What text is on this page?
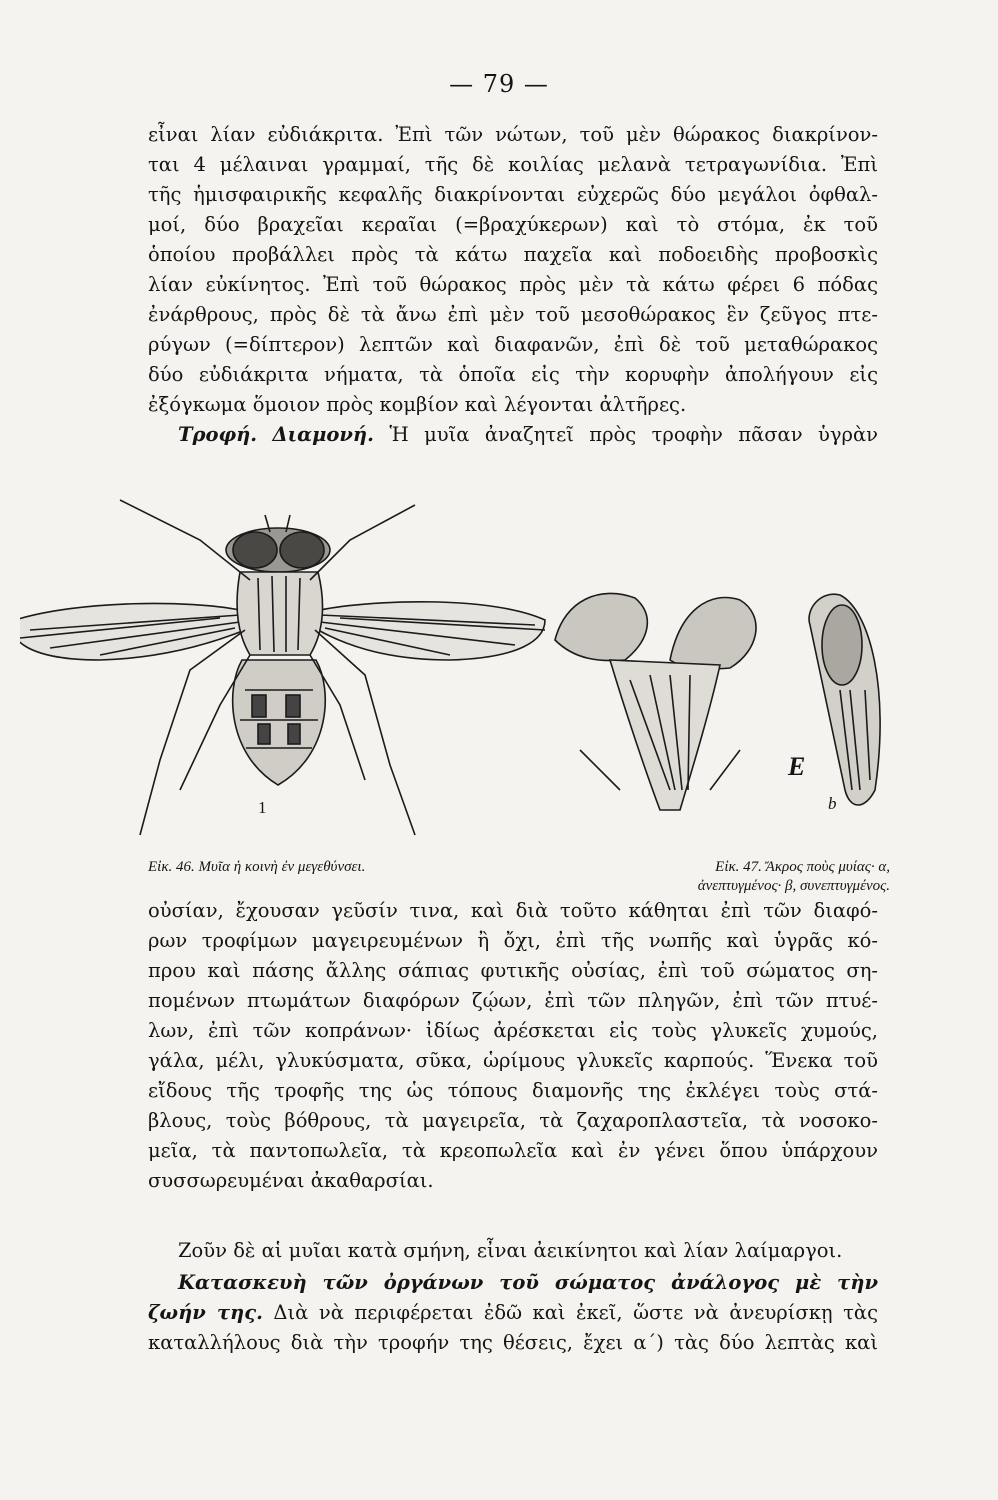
— 79 —

εἶναι λίαν εὐδιάκριτα. Ἐπὶ τῶν νώτων, τοῦ μὲν θώρακος διακρίνον-
ται 4 μέλαιναι γραμμαί, τῆς δὲ κοιλίας μελανὰ τετραγωνίδια. Ἐπὶ
τῆς ἡμισφαιρικῆς κεφαλῆς διακρίνονται εὐχερῶς δύο μεγάλοι ὀφθαλ-
μοί, δύο βραχεῖαι κεραῖαι (=βραχύκερων) καὶ τὸ στόμα, ἐκ τοῦ
ὁποίου προβάλλει πρὸς τὰ κάτω παχεῖα καὶ ποδοειδὴς προβοσκὶς
λίαν εὐκίνητος. Ἐπὶ τοῦ θώρακος πρὸς μὲν τὰ κάτω φέρει 6 πόδας
ἐνάρθρους, πρὸς δὲ τὰ ἄνω ἐπὶ μὲν τοῦ μεσοθώρακος ἓν ζεῦγος πτε-
ρύγων (=δίπτερον) λεπτῶν καὶ διαφανῶν, ἐπὶ δὲ τοῦ μεταθώρακος
δύο εὐδιάκριτα νήματα, τὰ ὁποῖα εἰς τὴν κορυφὴν ἀπολήγουν εἰς
ἐξόγκωμα ὅμοιον πρὸς κομβίον καὶ λέγονται ἀλτῆρες.
Τροφή. Διαμονή. Ἡ μυῖα ἀναζητεῖ πρὸς τροφὴν πᾶσαν ὑγρὰν

1
E
b
Εἰκ. 46. Μυῖα ἡ κοινὴ ἐν μεγεθύνσει.	Εἰκ. 47. Ἄκρος ποὺς μυίας· α,
ἀνεπτυγμένος· β, συνεπτυγμένος.

οὐσίαν, ἔχουσαν γεῦσίν τινα, καὶ διὰ τοῦτο κάθηται ἐπὶ τῶν διαφό-
ρων τροφίμων μαγειρευμένων ἢ ὄχι, ἐπὶ τῆς νωπῆς καὶ ὑγρᾶς κό-
πρου καὶ πάσης ἄλλης σάπιας φυτικῆς οὐσίας, ἐπὶ τοῦ σώματος ση-
πομένων πτωμάτων διαφόρων ζῴων, ἐπὶ τῶν πληγῶν, ἐπὶ τῶν πτυέ-
λων, ἐπὶ τῶν κοπράνων· ἰδίως ἀρέσκεται εἰς τοὺς γλυκεῖς χυμούς,
γάλα, μέλι, γλυκύσματα, σῦκα, ὡρίμους γλυκεῖς καρπούς. Ἕνεκα τοῦ
εἴδους τῆς τροφῆς της ὡς τόπους διαμονῆς της ἐκλέγει τοὺς στά-
βλους, τοὺς βόθρους, τὰ μαγειρεῖα, τὰ ζαχαροπλαστεῖα, τὰ νοσοκο-
μεῖα, τὰ παντοπωλεῖα, τὰ κρεοπωλεῖα καὶ ἐν γένει ὅπου ὑπάρχουν
συσσωρευμέναι ἀκαθαρσίαι.

Ζοῦν δὲ αἱ μυῖαι κατὰ σμήνη, εἶναι ἀεικίνητοι καὶ λίαν λαίμαργοι.

Κατασκευὴ τῶν ὀργάνων τοῦ σώματος ἀνάλογος μὲ τὴν
ζωήν της. Διὰ νὰ περιφέρεται ἐδῶ καὶ ἐκεῖ, ὥστε νὰ ἀνευρίσκῃ τὰς
καταλλήλους διὰ τὴν τροφήν της θέσεις, ἔχει α΄) τὰς δύο λεπτὰς καὶ
